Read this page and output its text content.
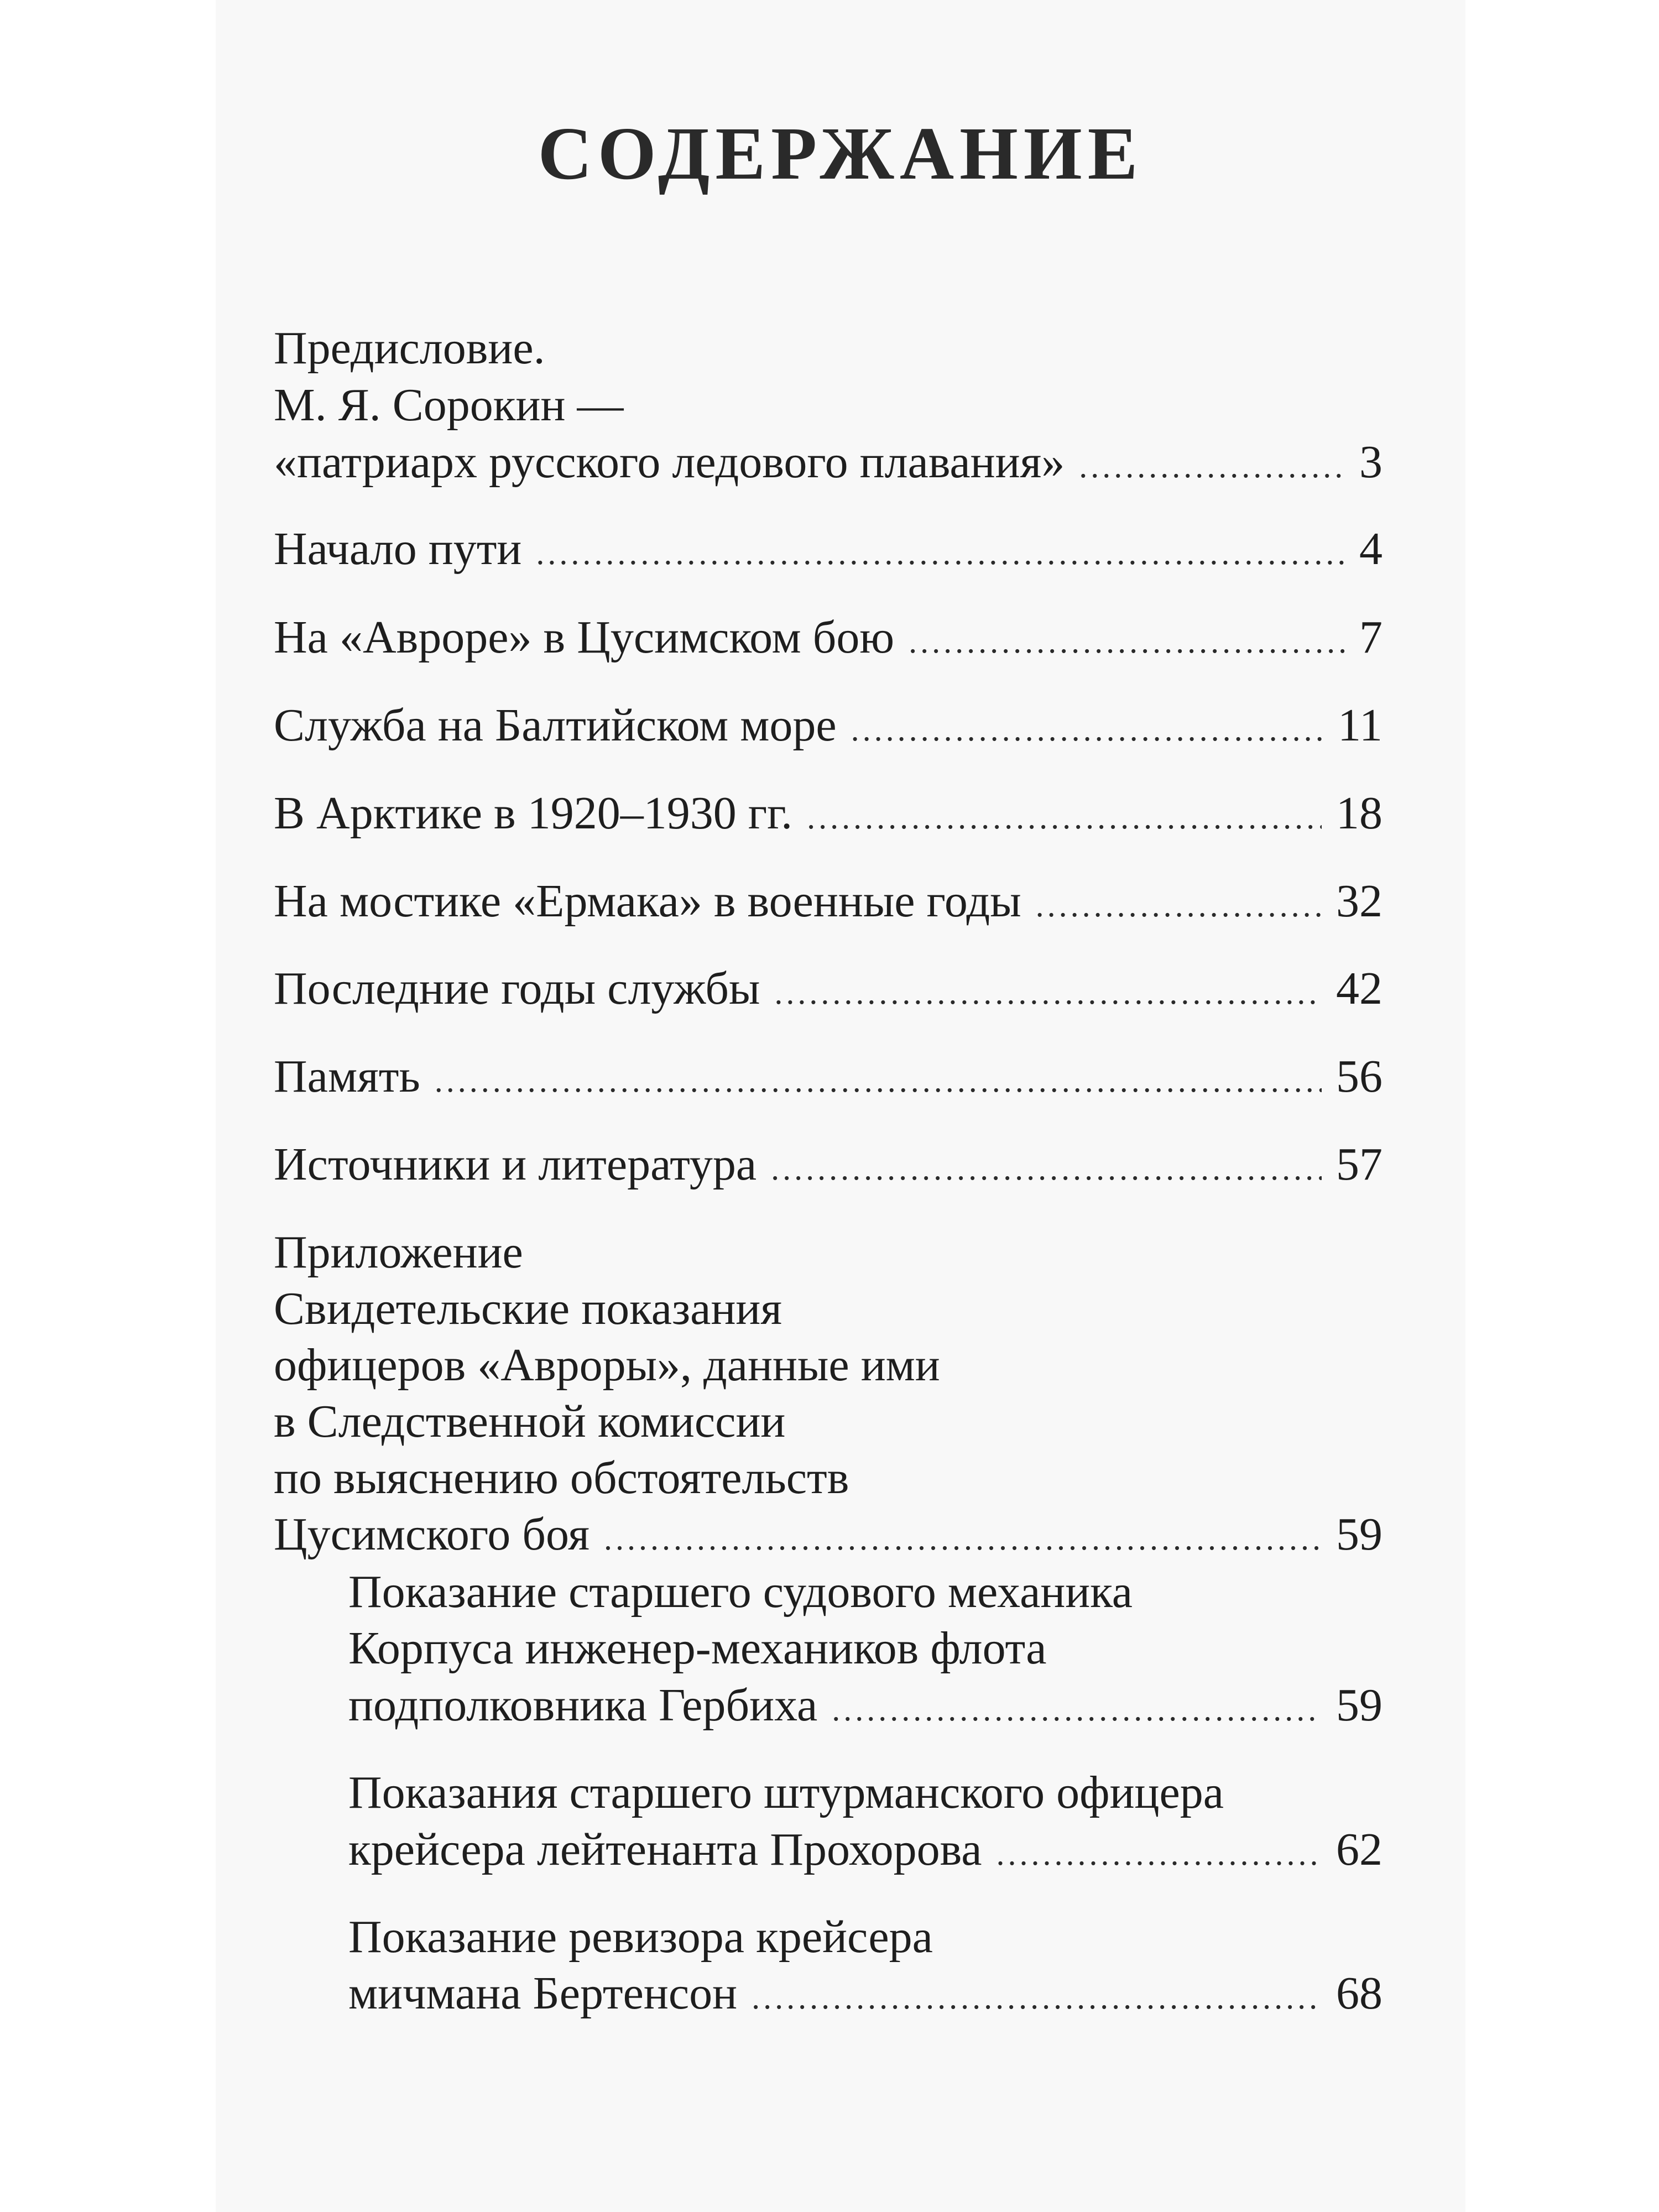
СОДЕРЖАНИЕ
Предисловие.
М. Я. Сорокин —
«патриарх русского ледового плавания» .....	3
Начало пути .....	4
На «Авроре» в Цусимском бою .....	7
Служба на Балтийском море .....	11
В Арктике в 1920–1930 гг. .....	18
На мостике «Ермака» в военные годы .....	32
Последние годы службы .....	42
Память .....	56
Источники и литература .....	57
Приложение
Свидетельские показания
офицеров «Авроры», данные ими
в Следственной комиссии
по выяснению обстоятельств
Цусимского боя .....	59
Показание старшего судового механика
Корпуса инженер-механиков флота
подполковника Гербиха .....	59
Показания старшего штурманского офицера
крейсера лейтенанта Прохорова .....	62
Показание ревизора крейсера
мичмана Бертенсон .....	68
